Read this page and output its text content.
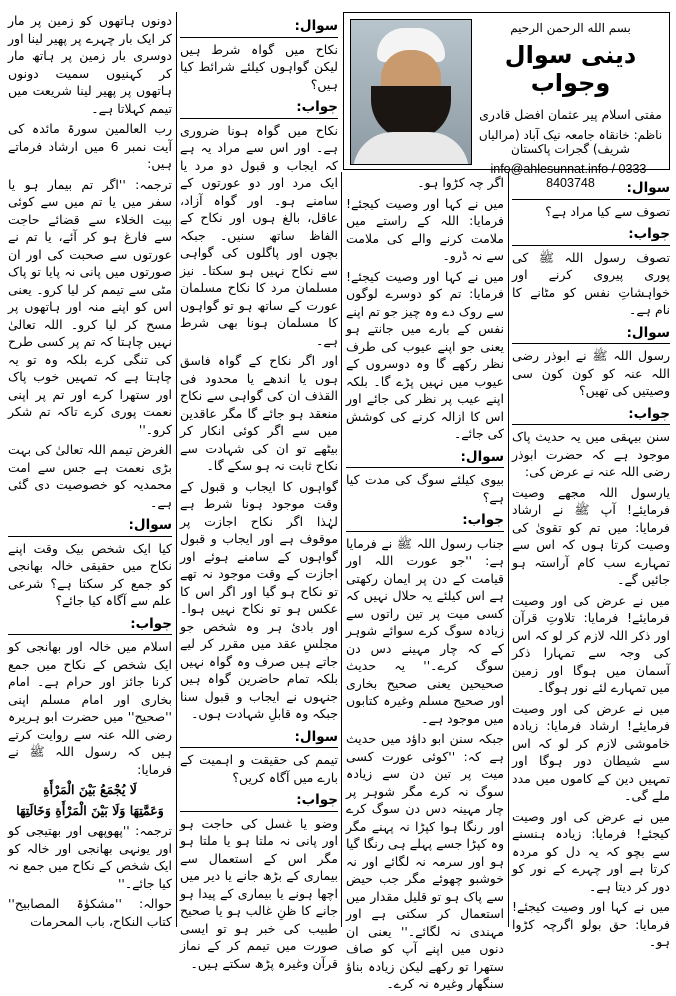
بسم الله الرحمن الرحيم
دینی سوال وجواب
مفتی اسلام پیر عثمان افضل قادری
ناظم: خانقاہ جامعہ نیک آباد (مرالیاں شریف) گجرات پاکستان
info@ahlesunnat.info / 0333-8403748	سوال:

تصوف سے کیا مراد ہے؟

جواب:

تصوف رسول اللہ ﷺ کی پوری پیروی کرنے اور خواہشاتِ نفس کو مٹانے کا نام ہے۔

سوال:

رسول اللہ ﷺ نے ابوذر رضی اللہ عنہ کو کون کون سی وصیتیں کی تھیں؟

جواب:

سنن بیہقی میں یہ حدیث پاک موجود ہے کہ حضرت ابوذر رضی اللہ عنہ نے عرض کی:

یارسول اللہ مجھے وصیت فرمایئے! آپ ﷺ نے ارشاد فرمایا: میں تم کو تقویٰ کی وصیت کرتا ہوں کہ اس سے تمہارے سب کام آراستہ ہو جائیں گے۔

میں نے عرض کی اور وصیت فرمایئے! فرمایا: تلاوتِ قرآن اور ذکر اللہ لازم کر لو کہ اس کی وجہ سے تمہارا ذکر آسمان میں ہوگا اور زمین میں تمہارے لئے نور ہوگا۔

میں نے عرض کی اور وصیت فرمایئے! ارشاد فرمایا: زیادہ خاموشی لازم کر لو کہ اس سے شیطان دور ہوگا اور تمہیں دین کے کاموں میں مدد ملے گی۔

میں نے عرض کی اور وصیت کیجئے! فرمایا: زیادہ ہنسنے سے بچو کہ یہ دل کو مردہ کرتا ہے اور چہرے کے نور کو دور کر دیتا ہے۔

میں نے کہا اور وصیت کیجئے! فرمایا: حق بولو اگرچہ کڑوا ہو۔

اگر چہ کڑوا ہو۔

میں نے کہا اور وصیت کیجئے! فرمایا: اللہ کے راستے میں ملامت کرنے والے کی ملامت سے نہ ڈرو۔

میں نے کہا اور وصیت کیجئے! فرمایا: تم کو دوسرے لوگوں سے روک دے وہ چیز جو تم اپنے نفس کے بارے میں جانتے ہو یعنی جو اپنے عیوب کی طرف نظر رکھے گا وہ دوسروں کے عیوب میں نہیں پڑے گا۔ بلکہ اپنے عیب پر نظر کی جائے اور اس کا ازالہ کرنے کی کوشش کی جائے۔

سوال:

بیوی کیلئے سوگ کی مدت کیا ہے؟

جواب:

جناب رسول اللہ ﷺ نے فرمایا ہے: ''جو عورت اللہ اور قیامت کے دن پر ایمان رکھتی ہے اس کیلئے یہ حلال نہیں کہ کسی میت پر تین راتوں سے زیادہ سوگ کرے سوائے شوہر کے کہ چار مہینے دس دن سوگ کرے۔'' یہ حدیث صحیحین یعنی صحیح بخاری اور صحیح مسلم وغیرہ کتابوں میں موجود ہے۔

جبکہ سنن ابو داؤد میں حدیث ہے کہ: ''کوئی عورت کسی میت پر تین دن سے زیادہ سوگ نہ کرے مگر شوہر پر چار مہینہ دس دن سوگ کرے اور رنگا ہوا کپڑا نہ پہنے مگر وہ کپڑا جسے پہلے ہی رنگا گیا ہو اور سرمہ نہ لگائے اور نہ خوشبو چھوئے مگر جب حیض سے پاک ہو تو قلیل مقدار میں استعمال کر سکتی ہے اور مہندی نہ لگائے۔'' یعنی ان دنوں میں اپنے آپ کو صاف ستھرا تو رکھے لیکن زیادہ بناؤ سنگھار وغیرہ نہ کرے۔

سوال:

نکاح میں گواہ شرط ہیں لیکن گواہوں کیلئے شرائط کیا ہیں؟

جواب:

نکاح میں گواہ ہونا ضروری ہے۔ اور اس سے مراد یہ ہے کہ ایجاب و قبول دو مرد یا ایک مرد اور دو عورتوں کے سامنے ہو۔ اور گواہ آزاد، عاقل، بالغ ہوں اور نکاح کے الفاظ ساتھ سنیں۔ جبکہ بچوں اور پاگلوں کی گواہی سے نکاح نہیں ہو سکتا۔ نیز مسلمان مرد کا نکاح مسلمان عورت کے ساتھ ہو تو گواہوں کا مسلمان ہونا بھی شرط ہے۔

اور اگر نکاح کے گواہ فاسق ہوں یا اندھے یا محدود فی القذف ان کی گواہی سے نکاح منعقد ہو جائے گا مگر عاقدین میں سے اگر کوئی انکار کر بیٹھے تو ان کی شہادت سے نکاح ثابت نہ ہو سکے گا۔

گواہوں کا ایجاب و قبول کے وقت موجود ہونا شرط ہے لہٰذا اگر نکاح اجازت پر موقوف ہے اور ایجاب و قبول گواہوں کے سامنے ہوئے اور اجازت کے وقت موجود نہ تھے تو نکاح ہو گیا اور اگر اس کا عکس ہو تو نکاح نہیں ہوا۔ اور بادیٔ ہر وہ شخص جو مجلسِ عقد میں مقرر کر لیے جاتے ہیں صرف وہ گواہ نہیں بلکہ تمام حاضرین گواہ ہیں جنہوں نے ایجاب و قبول سنا جبکہ وہ قابلِ شہادت ہوں۔

سوال:

تیمم کی حقیقت و اہمیت کے بارے میں آگاہ کریں؟

جواب:

وضو یا غسل کی حاجت ہو اور پانی نہ ملتا ہو یا ملتا ہو مگر اس کے استعمال سے بیماری کے بڑھ جانے یا دیر میں اچھا ہونے یا بیماری کے پیدا ہو جانے کا ظنِ غالب ہو یا صحیح طبیب کی خبر ہو تو ایسی صورت میں تیمم کر کے نماز قرآن وغیرہ پڑھ سکتے ہیں۔

دونوں ہاتھوں کو زمین پر مار کر ایک بار چہرے پر پھیر لینا اور دوسری بار زمین پر ہاتھ مار کر کہنیوں سمیت دونوں ہاتھوں پر پھیر لینا شریعت میں تیمم کہلاتا ہے۔

رب العالمین سورۃ مائدہ کی آیت نمبر 6 میں ارشاد فرماتے ہیں:

ترجمہ: ''اگر تم بیمار ہو یا سفر میں یا تم میں سے کوئی بیت الخلاء سے قضائے حاجت سے فارغ ہو کر آئے، یا تم نے عورتوں سے صحبت کی اور ان صورتوں میں پانی نہ پایا تو پاک مٹی سے تیمم کر لیا کرو۔ یعنی اس کو اپنے منہ اور ہاتھوں پر مسح کر لیا کرو۔ اللہ تعالیٰ نہیں چاہتا کہ تم پر کسی طرح کی تنگی کرے بلکہ وہ تو یہ چاہتا ہے کہ تمہیں خوب پاک اور ستھرا کرے اور تم پر اپنی نعمت پوری کرے تاکہ تم شکر کرو۔''

الغرض تیمم اللہ تعالیٰ کی بہت بڑی نعمت ہے جس سے امت محمدیہ کو خصوصیت دی گئی ہے۔

سوال:

کیا ایک شخص بیک وقت اپنے نکاح میں حقیقی خالہ بھانجی کو جمع کر سکتا ہے؟ شرعی علم سے آگاہ کیا جائے؟

جواب:

اسلام میں خالہ اور بھانجی کو ایک شخص کے نکاح میں جمع کرنا جائز اور حرام ہے۔ امام بخاری اور امام مسلم اپنی ''صحیح'' میں حضرت ابو ہریرہ رضی اللہ عنہ سے روایت کرتے ہیں کہ رسول اللہ ﷺ نے فرمایا:

لَا يُجْمَعُ بَيْنَ الْمَرْأَةِ

وَعَمَّتِهَا وَلَا بَيْنَ الْمَرْأَةِ وَخَالَتِهَا

ترجمہ: ''پھوپھی اور بھتیجی کو اور یونہی بھانجی اور خالہ کو ایک شخص کے نکاح میں جمع نہ کیا جائے۔''

حوالہ: ''مشکوٰۃ المصابیح'' کتاب النکاح، باب المحرمات
